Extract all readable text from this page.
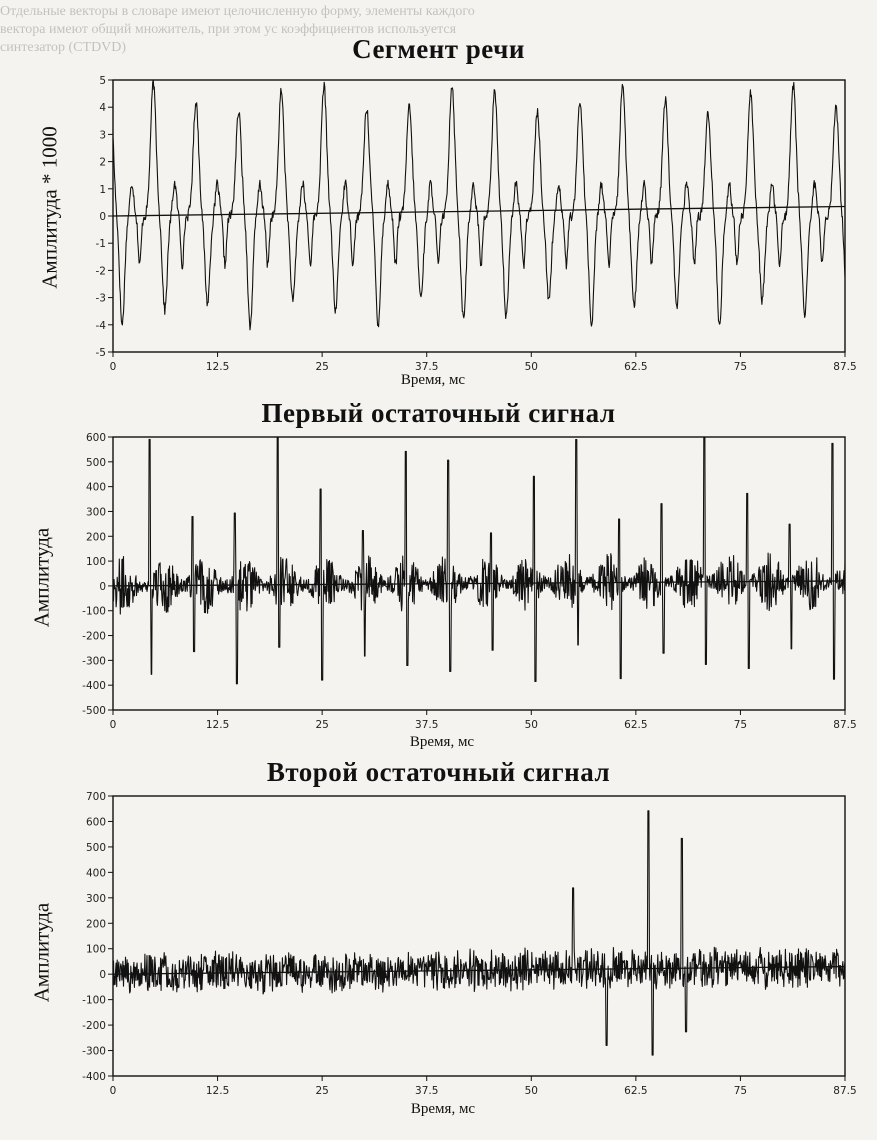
Отдельные векторы в словаре имеют целочисленную форму, элементы каждого
вектора имеют общий множитель, при этом ус коэффициентов используется
синтезатор (CTDVD)	Сегмент речи
Амплитуда * 1000
Время, мс
Первый остаточный сигнал
Амплитуда
Время, мс
Второй остаточный сигнал
Амплитуда
Время, мс
-5
-4
-3
-2
-1
0
1
2
3
4
5
0	12.5	25	37.5	50	62.5	75	87.5
-500
-400
-300
-200
-100
0
100
200
300
400
500
600
0	12.5	25	37.5	50	62.5	75	87.5
-400
-300
-200
-100
0
100
200
300
400
500
600
700
0	12.5	25	37.5	50	62.5	75	87.5
